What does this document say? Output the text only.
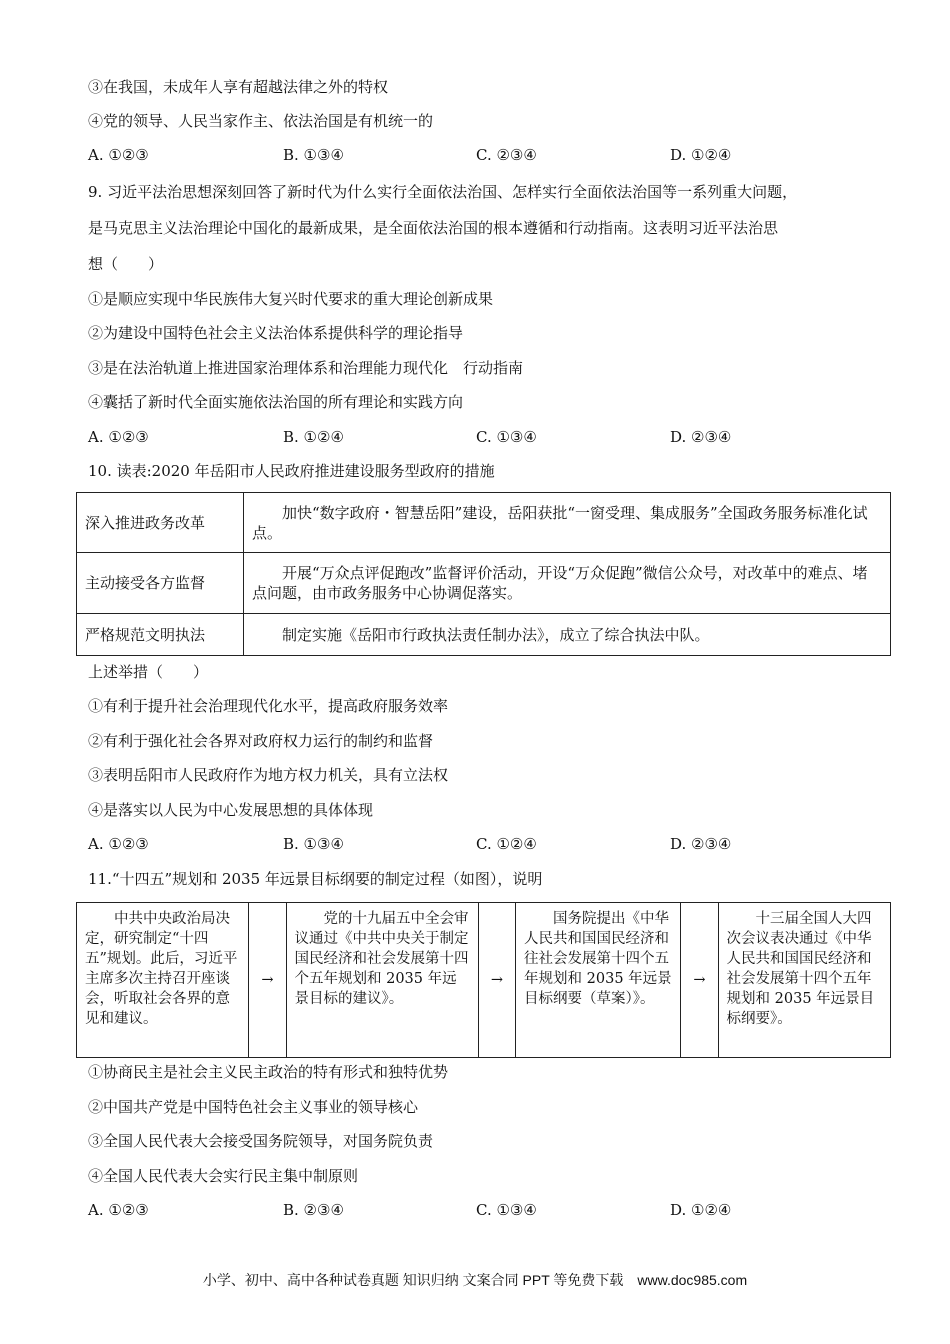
③在我国，未成年人享有超越法律之外的特权
④党的领导、人民当家作主、依法治国是有机统一的
A. ①②③	B. ①③④	C. ②③④	D. ①②④
9. 习近平法治思想深刻回答了新时代为什么实行全面依法治国、怎样实行全面依法治国等一系列重大问题，
是马克思主义法治理论中国化的最新成果，是全面依法治国的根本遵循和行动指南。这表明习近平法治思
想（　　）
①是顺应实现中华民族伟大复兴时代要求的重大理论创新成果
②为建设中国特色社会主义法治体系提供科学的理论指导
③是在法治轨道上推进国家治理体系和治理能力现代化　行动指南
④囊括了新时代全面实施依法治国的所有理论和实践方向
A. ①②③	B. ①②④	C. ①③④	D. ②③④
10. 读表:2020 年岳阳市人民政府推进建设服务型政府的措施
深入推进政务改革	加快“数字政府・智慧岳阳”建设，岳阳获批“一窗受理、集成服务”全国政务服务标准化试点。
主动接受各方监督	开展“万众点评促跑改”监督评价活动，开设“万众促跑”微信公众号，对改革中的难点、堵点问题，由市政务服务中心协调促落实。
严格规范文明执法	制定实施《岳阳市行政执法责任制办法》，成立了综合执法中队。
上述举措（　　）
①有利于提升社会治理现代化水平，提高政府服务效率
②有利于强化社会各界对政府权力运行的制约和监督
③表明岳阳市人民政府作为地方权力机关，具有立法权
④是落实以人民为中心发展思想的具体体现
A. ①②③	B. ①③④	C. ①②④	D. ②③④
11.“十四五”规划和 2035 年远景目标纲要的制定过程（如图），说明
中共中央政治局决定，研究制定“十四五”规划。此后，习近平主席多次主持召开座谈会，听取社会各界的意见和建议。	→	党的十九届五中全会审议通过《中共中央关于制定国民经济和社会发展第十四个五年规划和 2035 年远景目标的建议》。	→	国务院提出《中华人民共和国国民经济和往社会发展第十四个五年规划和 2035 年远景目标纲要（草案）》。	→	十三届全国人大四次会议表决通过《中华人民共和国国民经济和社会发展第十四个五年规划和 2035 年远景目标纲要》。
①协商民主是社会主义民主政治的特有形式和独特优势
②中国共产党是中国特色社会主义事业的领导核心
③全国人民代表大会接受国务院领导，对国务院负责
④全国人民代表大会实行民主集中制原则
A. ①②③	B. ②③④	C. ①③④	D. ①②④
小学、初中、高中各种试卷真题 知识归纳 文案合同 PPT 等免费下载　www.doc985.com
